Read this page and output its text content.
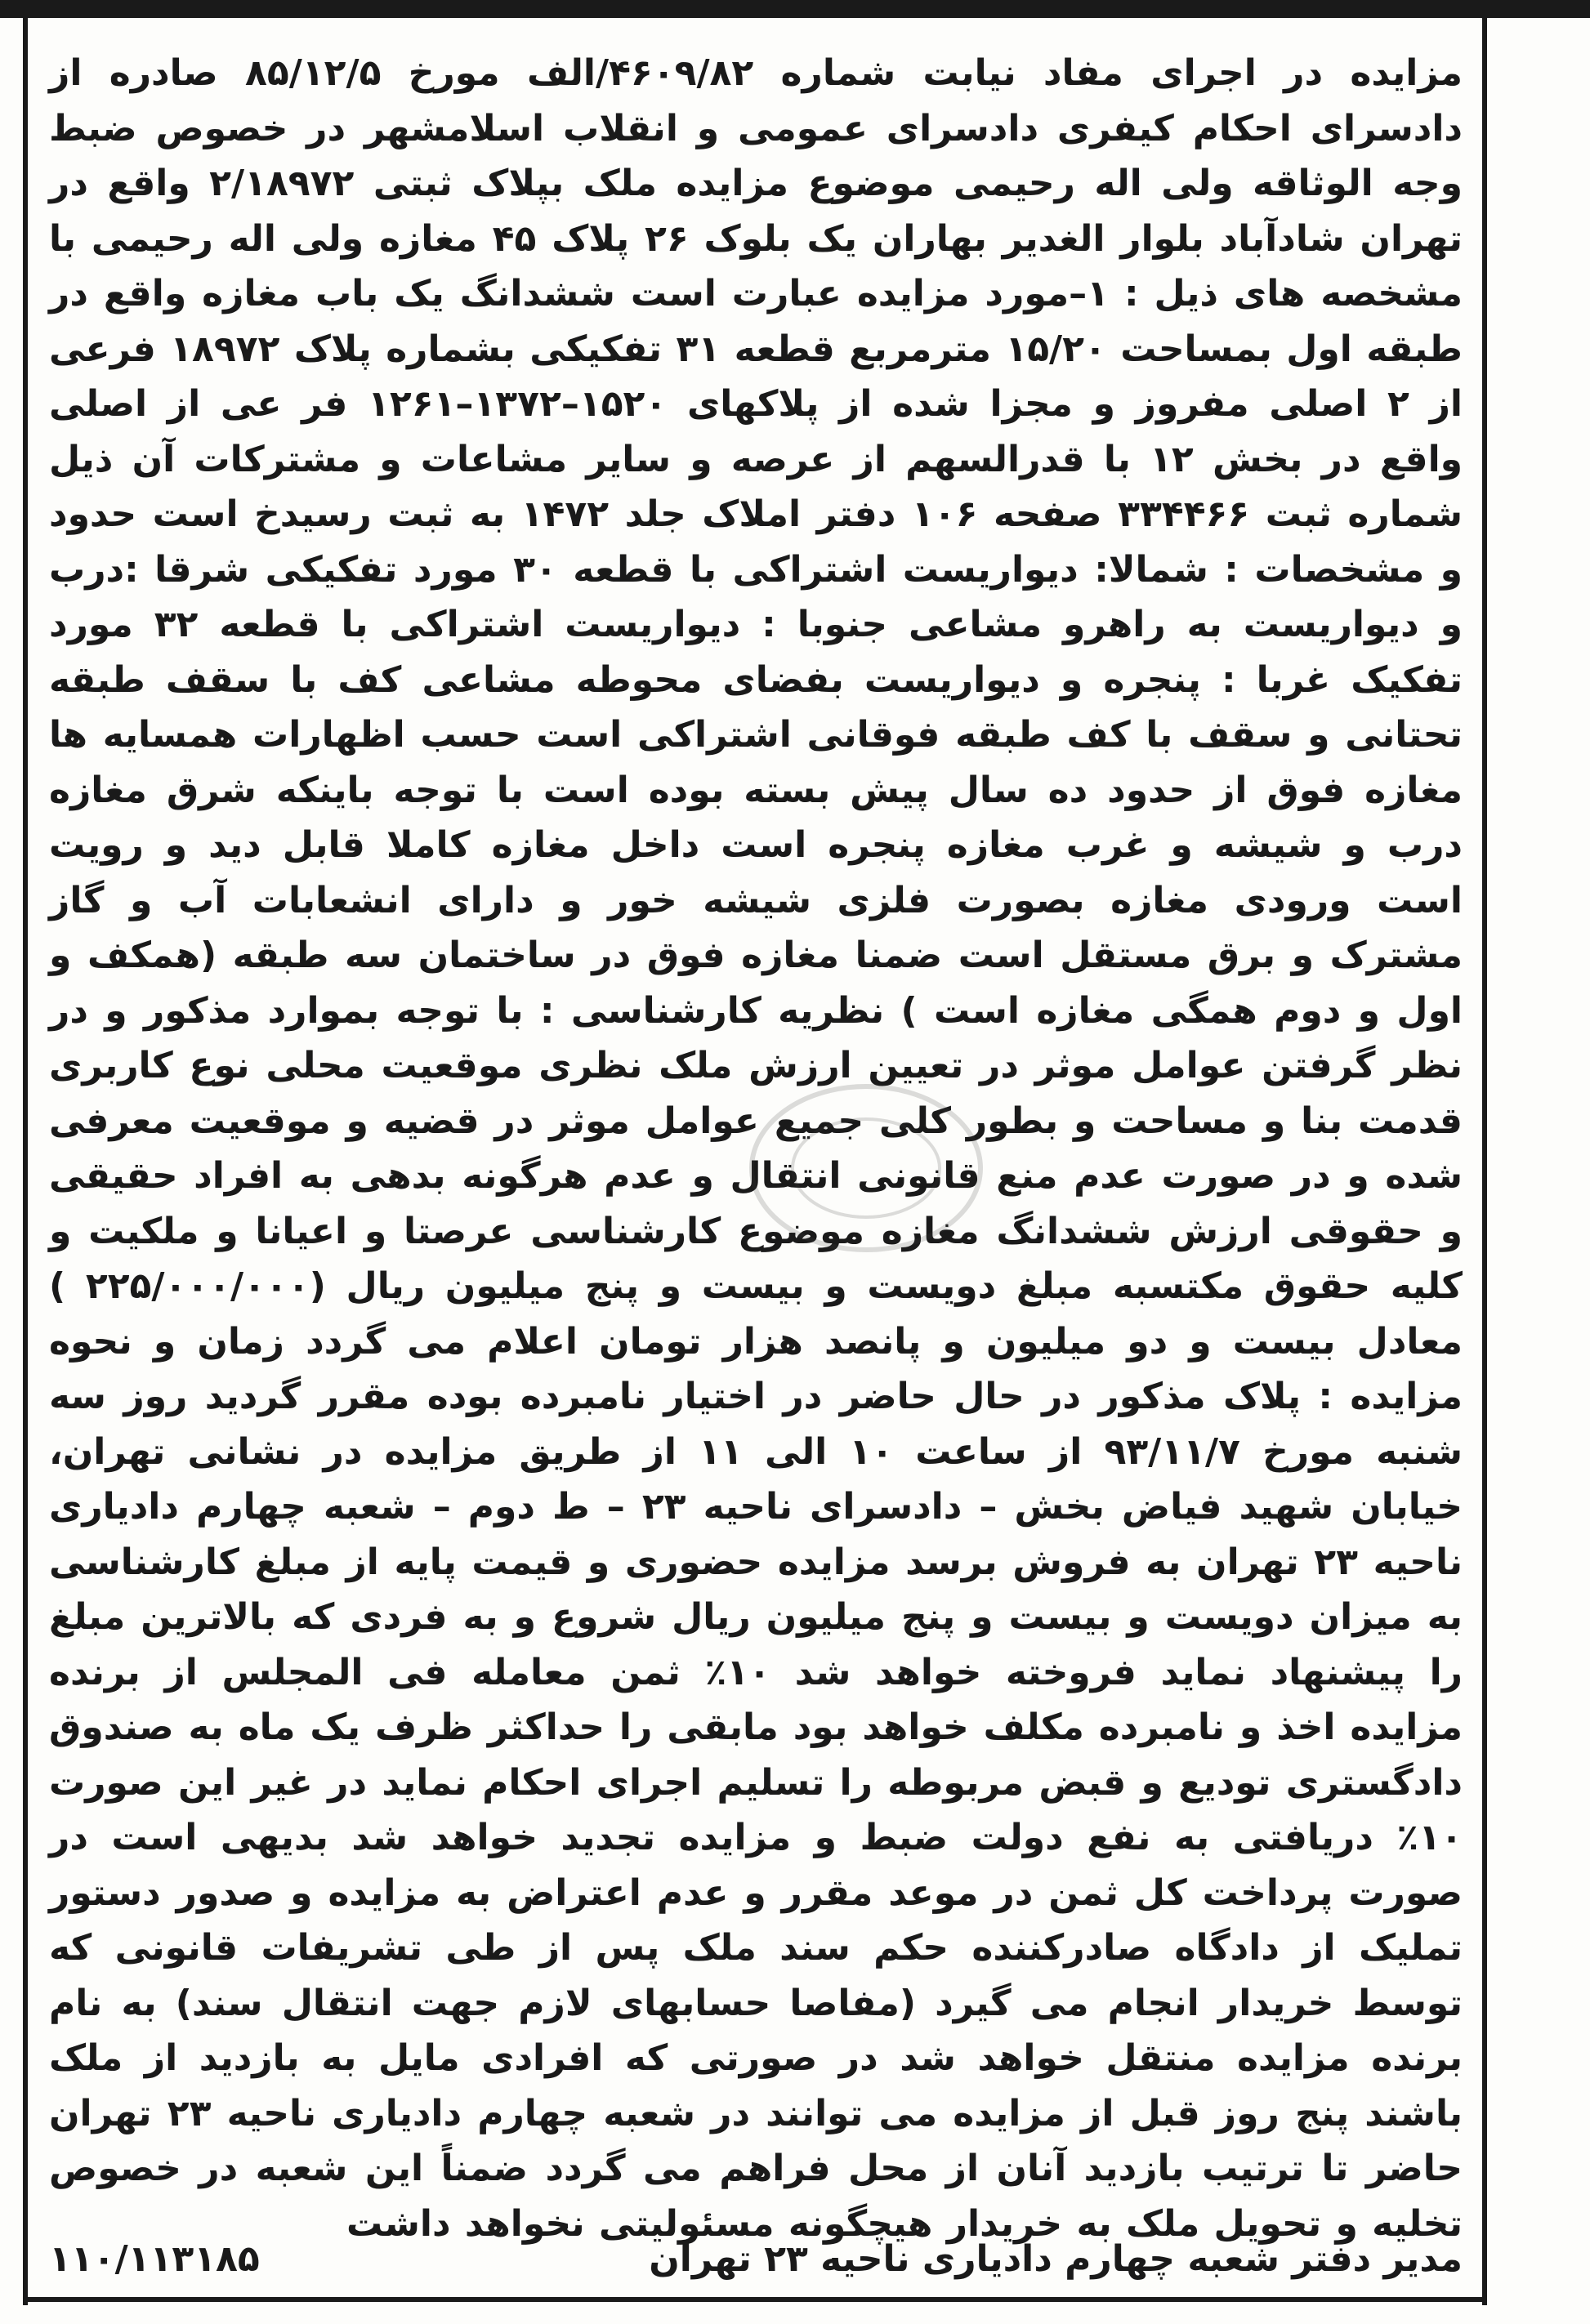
مزایده در اجرای مفاد نیابت شماره ۴۶۰۹/۸۲/الف مورخ ۸۵/۱۲/۵ صادره از دادسرای احکام کیفری دادسرای عمومی و انقلاب اسلامشهر در خصوص ضبط وجه الوثاقه ولی اله رحیمی موضوع مزایده ملک بپلاک ثبتی ۲/۱۸۹۷۲ واقع در تهران شادآباد بلوار الغدیر بهاران یک بلوک ۲۶ پلاک ۴۵ مغازه ولی اله رحیمی با مشخصه های ذیل : ۱–مورد مزایده عبارت است ششدانگ یک باب مغازه واقع در طبقه اول بمساحت ۱۵/۲۰ مترمربع قطعه ۳۱ تفکیکی بشماره پلاک ۱۸۹۷۲ فرعی از ۲ اصلی مفروز و مجزا شده از پلاکهای ۱۵۲۰–۱۳۷۲–۱۲۶۱ فر عی از اصلی واقع در بخش ۱۲ با قدرالسهم از عرصه و سایر مشاعات و مشترکات آن ذیل شماره ثبت ۳۳۴۴۶۶ صفحه ۱۰۶ دفتر املاک جلد ۱۴۷۲ به ثبت رسیدخ است حدود و مشخصات : شمالا: دیواریست اشتراکی با قطعه ۳۰ مورد تفکیکی شرقا :درب و دیواریست به راهرو مشاعی جنوبا : دیواریست اشتراکی با قطعه ۳۲ مورد تفکیک غربا : پنجره و دیواریست بفضای محوطه مشاعی کف با سقف طبقه تحتانی و سقف با کف طبقه فوقانی اشتراکی است حسب اظهارات همسایه ها مغازه فوق از حدود ده سال پیش بسته بوده است با توجه باینکه شرق مغازه درب و شیشه و غرب مغازه پنجره است داخل مغازه کاملا قابل دید و رویت است ورودی مغازه بصورت فلزی شیشه خور و دارای انشعابات آب و گاز مشترک و برق مستقل است ضمنا مغازه فوق در ساختمان سه طبقه (همکف و اول و دوم همگی مغازه است ) نظریه کارشناسی : با توجه بموارد مذکور و در نظر گرفتن عوامل موثر در تعیین ارزش ملک نظری موقعیت محلی نوع کاربری قدمت بنا و مساحت و بطور کلی جمیع عوامل موثر در قضیه و موقعیت معرفی شده و در صورت عدم منع قانونی انتقال و عدم هرگونه بدهی به افراد حقیقی و حقوقی ارزش ششدانگ مغازه موضوع کارشناسی عرصتا و اعیانا و ملکیت و کلیه حقوق مکتسبه مبلغ دویست و بیست و پنج میلیون ریال (۲۲۵/۰۰۰/۰۰۰ ) معادل بیست و دو میلیون و پانصد هزار تومان اعلام می گردد زمان و نحوه مزایده : پلاک مذکور در حال حاضر در اختیار نامبرده بوده مقرر گردید روز سه شنبه مورخ ۹۳/۱۱/۷ از ساعت ۱۰ الی ۱۱ از طریق مزایده در نشانی تهران، خیابان شهید فیاض بخش – دادسرای ناحیه ۲۳ – ط دوم – شعبه چهارم دادیاری ناحیه ۲۳ تهران به فروش برسد مزایده حضوری و قیمت پایه از مبلغ کارشناسی به میزان دویست و بیست و پنج میلیون ریال شروع و به فردی که بالاترین مبلغ را پیشنهاد نماید فروخته خواهد شد ۱۰٪ ثمن معامله فی المجلس از برنده مزایده اخذ و نامبرده مکلف خواهد بود مابقی را حداکثر ظرف یک ماه به صندوق دادگستری تودیع و قبض مربوطه را تسلیم اجرای احکام نماید در غیر این صورت ۱۰٪ دریافتی به نفع دولت ضبط و مزایده تجدید خواهد شد بدیهی است در صورت پرداخت کل ثمن در موعد مقرر و عدم اعتراض به مزایده و صدور دستور تملیک از دادگاه صادرکننده حکم سند ملک پس از طی تشریفات قانونی که توسط خریدار انجام می گیرد (مفاصا حسابهای لازم جهت انتقال سند) به نام برنده مزایده منتقل خواهد شد در صورتی که افرادی مایل به بازدید از ملک باشند پنج روز قبل از مزایده می توانند در شعبه چهارم دادیاری ناحیه ۲۳ تهران حاضر تا ترتیب بازدید آنان از محل فراهم می گردد ضمناً این شعبه در خصوص تخلیه و تحویل ملک به خریدار هیچگونه مسئولیتی نخواهد داشت

مدیر دفتر شعبه چهارم دادیاری ناحیه ۲۳ تهران
۱۱۰/۱۱۳۱۸۵
